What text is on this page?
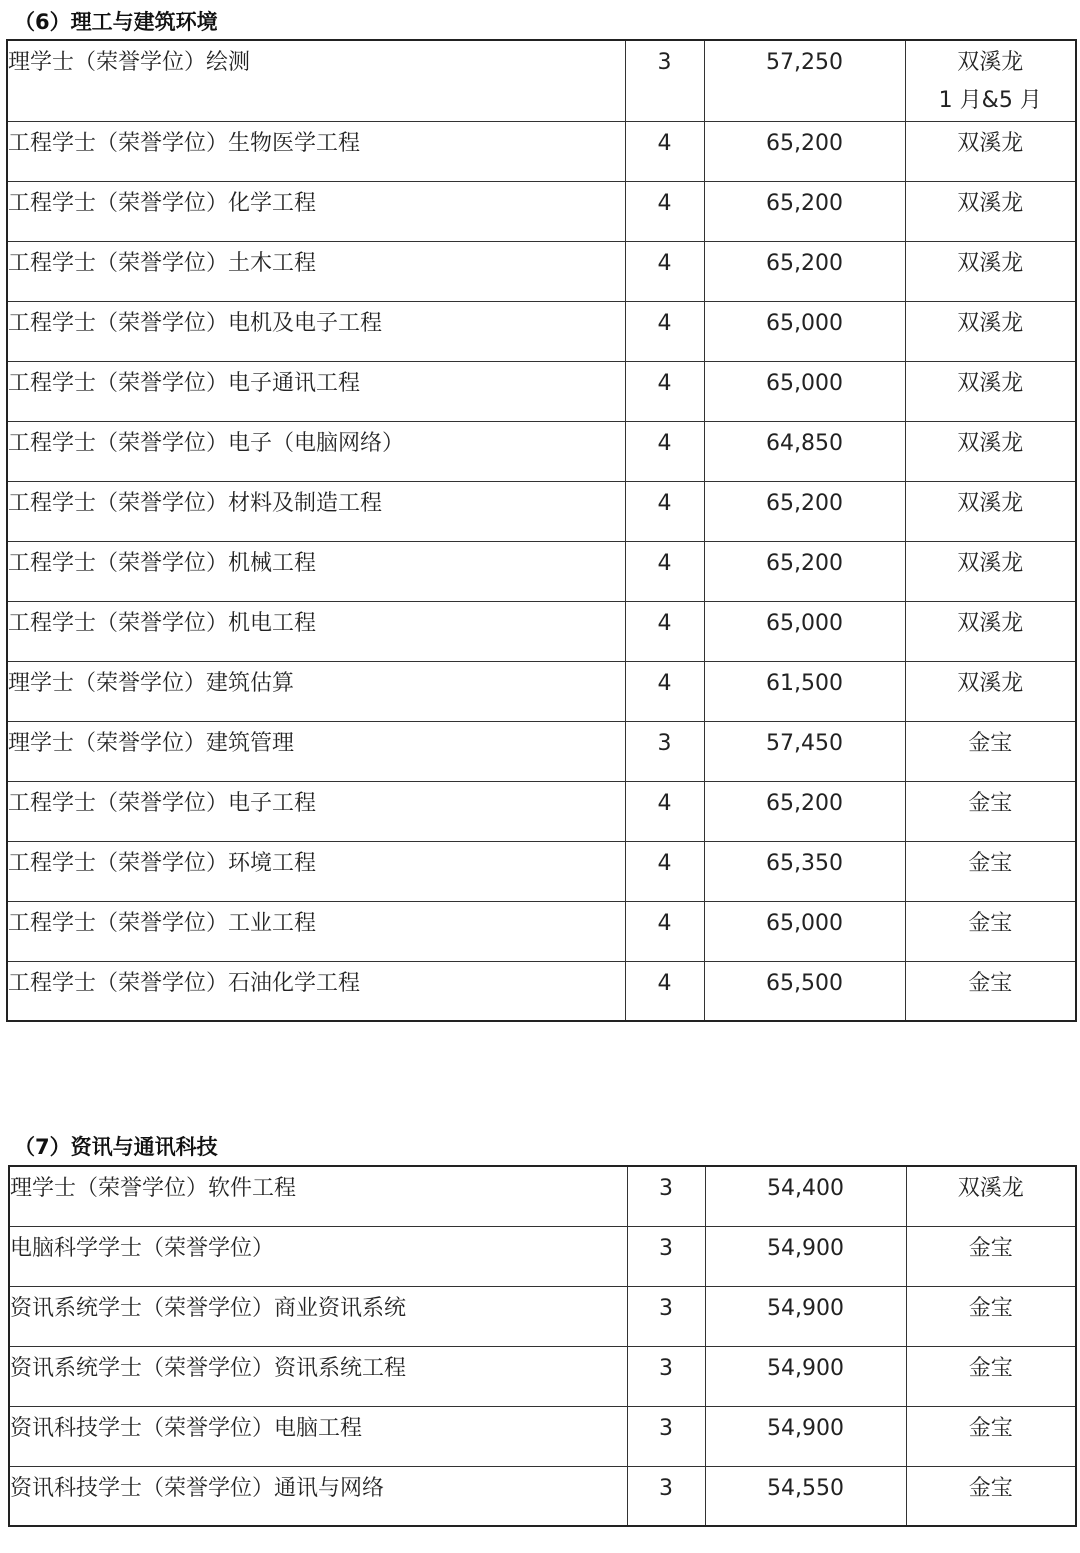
（6）理工与建筑环境
理学士（荣誉学位）绘测	3	57,250	双溪龙
1 月&5 月

工程学士（荣誉学位）生物医学工程	4	65,200	双溪龙

工程学士（荣誉学位）化学工程	4	65,200	双溪龙

工程学士（荣誉学位）土木工程	4	65,200	双溪龙

工程学士（荣誉学位）电机及电子工程	4	65,000	双溪龙

工程学士（荣誉学位）电子通讯工程	4	65,000	双溪龙

工程学士（荣誉学位）电子（电脑网络）	4	64,850	双溪龙

工程学士（荣誉学位）材料及制造工程	4	65,200	双溪龙

工程学士（荣誉学位）机械工程	4	65,200	双溪龙

工程学士（荣誉学位）机电工程	4	65,000	双溪龙

理学士（荣誉学位）建筑估算	4	61,500	双溪龙

理学士（荣誉学位）建筑管理	3	57,450	金宝

工程学士（荣誉学位）电子工程	4	65,200	金宝

工程学士（荣誉学位）环境工程	4	65,350	金宝

工程学士（荣誉学位）工业工程	4	65,000	金宝

工程学士（荣誉学位）石油化学工程	4	65,500	金宝
（7）资讯与通讯科技
理学士（荣誉学位）软件工程	3	54,400	双溪龙

电脑科学学士（荣誉学位）	3	54,900	金宝

资讯系统学士（荣誉学位）商业资讯系统	3	54,900	金宝

资讯系统学士（荣誉学位）资讯系统工程	3	54,900	金宝

资讯科技学士（荣誉学位）电脑工程	3	54,900	金宝

资讯科技学士（荣誉学位）通讯与网络	3	54,550	金宝
